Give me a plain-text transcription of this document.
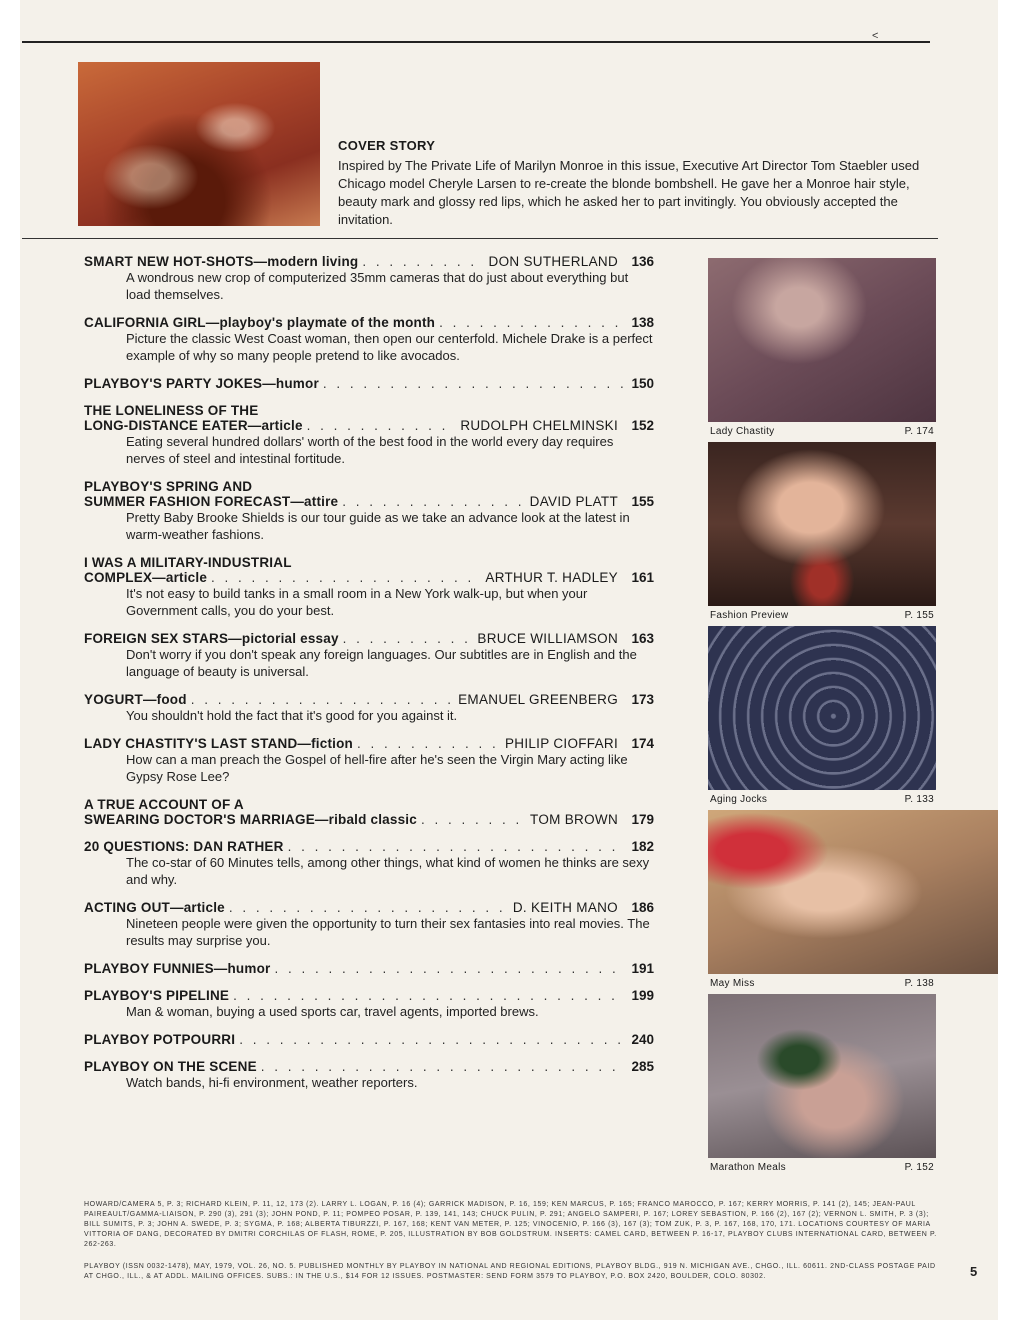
<
COVER STORY
Inspired by The Private Life of Marilyn Monroe in this issue, Executive Art Director Tom Staebler used Chicago model Cheryle Larsen to re-create the blonde bombshell. He gave her a Monroe hair style, beauty mark and glossy red lips, which he asked her to part invitingly. You obviously accepted the invitation.
SMART NEW HOT-SHOTS—modern living . . .	DON SUTHERLAND 136
A wondrous new crop of computerized 35mm cameras that do just about everything but load themselves.
CALIFORNIA GIRL—playboy's playmate of the month . . .	138
Picture the classic West Coast woman, then open our centerfold. Michele Drake is a perfect example of why so many people pretend to like avocados.
PLAYBOY'S PARTY JOKES—humor . . .	150
THE LONELINESS OF THE
LONG-DISTANCE EATER—article . . .	RUDOLPH CHELMINSKI 152
Eating several hundred dollars' worth of the best food in the world every day requires nerves of steel and intestinal fortitude.
PLAYBOY'S SPRING AND
SUMMER FASHION FORECAST—attire . . .	DAVID PLATT 155
Pretty Baby Brooke Shields is our tour guide as we take an advance look at the latest in warm-weather fashions.
I WAS A MILITARY-INDUSTRIAL
COMPLEX—article . . .	ARTHUR T. HADLEY 161
It's not easy to build tanks in a small room in a New York walk-up, but when your Government calls, you do your best.
FOREIGN SEX STARS—pictorial essay . . .	BRUCE WILLIAMSON 163
Don't worry if you don't speak any foreign languages. Our subtitles are in English and the language of beauty is universal.
YOGURT—food . . .	EMANUEL GREENBERG 173
You shouldn't hold the fact that it's good for you against it.
LADY CHASTITY'S LAST STAND—fiction . . .	PHILIP CIOFFARI 174
How can a man preach the Gospel of hell-fire after he's seen the Virgin Mary acting like Gypsy Rose Lee?
A TRUE ACCOUNT OF A
SWEARING DOCTOR'S MARRIAGE—ribald classic . . .	TOM BROWN 179
20 QUESTIONS: DAN RATHER . . .	182
The co-star of 60 Minutes tells, among other things, what kind of women he thinks are sexy and why.
ACTING OUT—article . . .	D. KEITH MANO 186
Nineteen people were given the opportunity to turn their sex fantasies into real movies. The results may surprise you.
PLAYBOY FUNNIES—humor . . .	191
PLAYBOY'S PIPELINE . . .	199
Man & woman, buying a used sports car, travel agents, imported brews.
PLAYBOY POTPOURRI . . .	240
PLAYBOY ON THE SCENE . . .	285
Watch bands, hi-fi environment, weather reporters.
Lady Chastity	P. 174
Fashion Preview	P. 155
Aging Jocks	P. 133
May Miss	P. 138
Marathon Meals	P. 152
HOWARD/CAMERA 5, P. 3; RICHARD KLEIN, P. 11, 12, 173 (2). LARRY L. LOGAN, P. 16 (4); GARRICK MADISON, P. 16, 159; KEN MARCUS, P. 165; FRANCO MAROCCO, P. 167; KERRY MORRIS, P. 141 (2), 145; JEAN-PAUL PAIREAULT/GAMMA-LIAISON, P. 290 (3), 291 (3); JOHN POND, P. 11; POMPEO POSAR, P. 139, 141, 143; CHUCK PULIN, P. 291; ANGELO SAMPERI, P. 167; LOREY SEBASTION, P. 166 (2), 167 (2); VERNON L. SMITH, P. 3 (3); BILL SUMITS, P. 3; JOHN A. SWEDE, P. 3; SYGMA, P. 168; ALBERTA TIBURZZI, P. 167, 168; KENT VAN METER, P. 125; VINOCENIO, P. 166 (3), 167 (3); TOM ZUK, P. 3, P. 167, 168, 170, 171. LOCATIONS COURTESY OF MARIA VITTORIA OF DANG, DECORATED BY DMITRI CORCHILAS OF FLASH, ROME, P. 205, ILLUSTRATION BY BOB GOLDSTRUM. INSERTS: CAMEL CARD, BETWEEN P. 16-17, PLAYBOY CLUBS INTERNATIONAL CARD, BETWEEN P. 262-263.
PLAYBOY (ISSN 0032-1478), MAY, 1979, VOL. 26, NO. 5. PUBLISHED MONTHLY BY PLAYBOY IN NATIONAL AND REGIONAL EDITIONS, PLAYBOY BLDG., 919 N. MICHIGAN AVE., CHGO., ILL. 60611. 2ND-CLASS POSTAGE PAID AT CHGO., ILL., & AT ADDL. MAILING OFFICES. SUBS.: IN THE U.S., $14 FOR 12 ISSUES. POSTMASTER: SEND FORM 3579 TO PLAYBOY, P.O. BOX 2420, BOULDER, COLO. 80302.	5
